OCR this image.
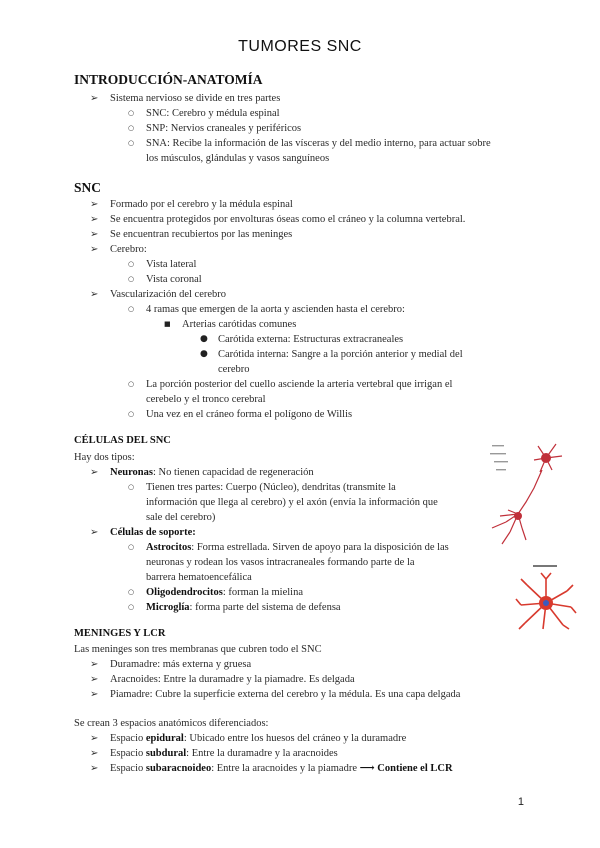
TUMORES SNC
INTRODUCCIÓN-ANATOMÍA
➢ Sistema nervioso se divide en tres partes
○ SNC: Cerebro y médula espinal
○ SNP: Nervios craneales y periféricos
○ SNA: Recibe la información de las vísceras y del medio interno, para actuar sobre
los músculos, glándulas y vasos sanguíneos
SNC
➢ Formado por el cerebro y la médula espinal
➢ Se encuentra protegidos por envolturas óseas como el cráneo y la columna vertebral.
➢ Se encuentran recubiertos por las meninges
➢ Cerebro:
○ Vista lateral
○ Vista coronal
➢ Vascularización del cerebro
○ 4 ramas que emergen de la aorta y ascienden hasta el cerebro:
■ Arterias carótidas comunes
● Carótida externa: Estructuras extracraneales
● Carótida interna: Sangre a la porción anterior y medial del
cerebro
○ La porción posterior del cuello asciende la arteria vertebral que irrigan el
cerebelo y el tronco cerebral
○ Una vez en el cráneo forma el polígono de Willis
CÉLULAS DEL SNC
Hay dos tipos:
➢ Neuronas: No tienen capacidad de regeneración
○ Tienen tres partes: Cuerpo (Núcleo), dendritas (transmite la
información que llega al cerebro) y el axón (envía la información que
sale del cerebro)
➢ Células de soporte:
○ Astrocitos: Forma estrellada. Sirven de apoyo para la disposición de las
neuronas y rodean los vasos intracraneales formando parte de la
barrera hematoencefálica
○ Oligodendrocitos: forman la mielina
○ Microglía: forma parte del sistema de defensa
MENINGES Y LCR
Las meninges son tres membranas que cubren todo el SNC
➢ Duramadre: más externa y gruesa
➢ Aracnoides: Entre la duramadre y la piamadre. Es delgada
➢ Piamadre: Cubre la superficie externa del cerebro y la médula. Es una capa delgada
Se crean 3 espacios anatómicos diferenciados:
➢ Espacio epidural: Ubicado entre los huesos del cráneo y la duramadre
➢ Espacio subdural: Entre la duramadre y la aracnoides
➢ Espacio subaracnoideo: Entre la aracnoides y la piamadre ⟶ Contiene el LCR
1
